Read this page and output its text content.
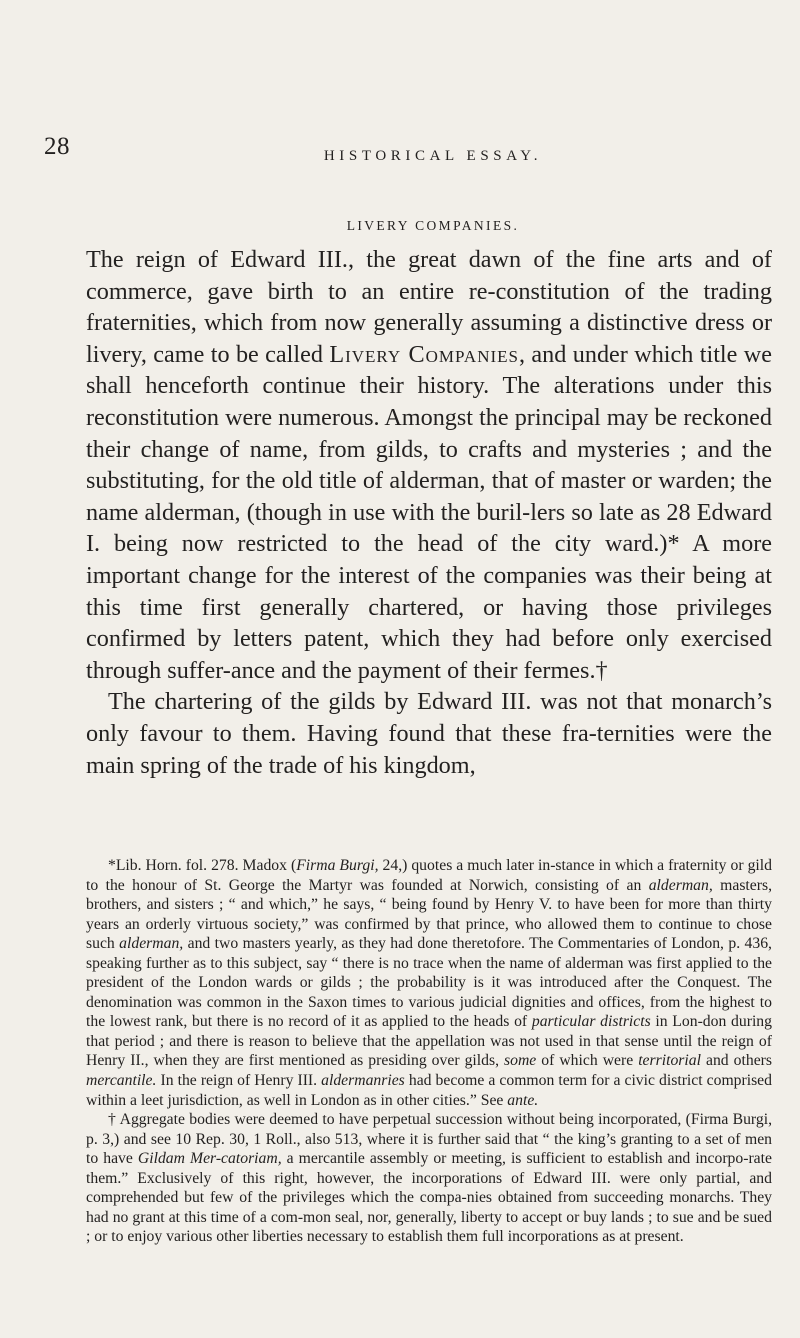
28	HISTORICAL ESSAY.
LIVERY COMPANIES.

The reign of Edward III., the great dawn of the fine arts and of commerce, gave birth to an entire re-constitution of the trading fraternities, which from now generally assuming a distinctive dress or livery, came to be called Livery Companies, and under which title we shall henceforth continue their history. The alterations under this reconstitution were numerous. Amongst the principal may be reckoned their change of name, from gilds, to crafts and mysteries ; and the substituting, for the old title of alderman, that of master or warden; the name alderman, (though in use with the buril-lers so late as 28 Edward I. being now restricted to the head of the city ward.)* A more important change for the interest of the companies was their being at this time first generally chartered, or having those privileges confirmed by letters patent, which they had before only exercised through suffer-ance and the payment of their fermes.†

The chartering of the gilds by Edward III. was not that monarch’s only favour to them. Having found that these fra-ternities were the main spring of the trade of his kingdom,

*Lib. Horn. fol. 278. Madox (Firma Burgi, 24,) quotes a much later in-stance in which a fraternity or gild to the honour of St. George the Martyr was founded at Norwich, consisting of an alderman, masters, brothers, and sisters ; “ and which,” he says, “ being found by Henry V. to have been for more than thirty years an orderly virtuous society,” was confirmed by that prince, who allowed them to continue to chose such alderman, and two masters yearly, as they had done theretofore. The Commentaries of London, p. 436, speaking further as to this subject, say “ there is no trace when the name of alderman was first applied to the president of the London wards or gilds ; the probability is it was introduced after the Conquest. The denomination was common in the Saxon times to various judicial dignities and offices, from the highest to the lowest rank, but there is no record of it as applied to the heads of particular districts in Lon-don during that period ; and there is reason to believe that the appellation was not used in that sense until the reign of Henry II., when they are first mentioned as presiding over gilds, some of which were territorial and others mercantile. In the reign of Henry III. aldermanries had become a common term for a civic district comprised within a leet jurisdiction, as well in London as in other cities.” See ante.

† Aggregate bodies were deemed to have perpetual succession without being incorporated, (Firma Burgi, p. 3,) and see 10 Rep. 30, 1 Roll., also 513, where it is further said that “ the king’s granting to a set of men to have Gildam Mer-catoriam, a mercantile assembly or meeting, is sufficient to establish and incorpo-rate them.” Exclusively of this right, however, the incorporations of Edward III. were only partial, and comprehended but few of the privileges which the compa-nies obtained from succeeding monarchs. They had no grant at this time of a com-mon seal, nor, generally, liberty to accept or buy lands ; to sue and be sued ; or to enjoy various other liberties necessary to establish them full incorporations as at present.
